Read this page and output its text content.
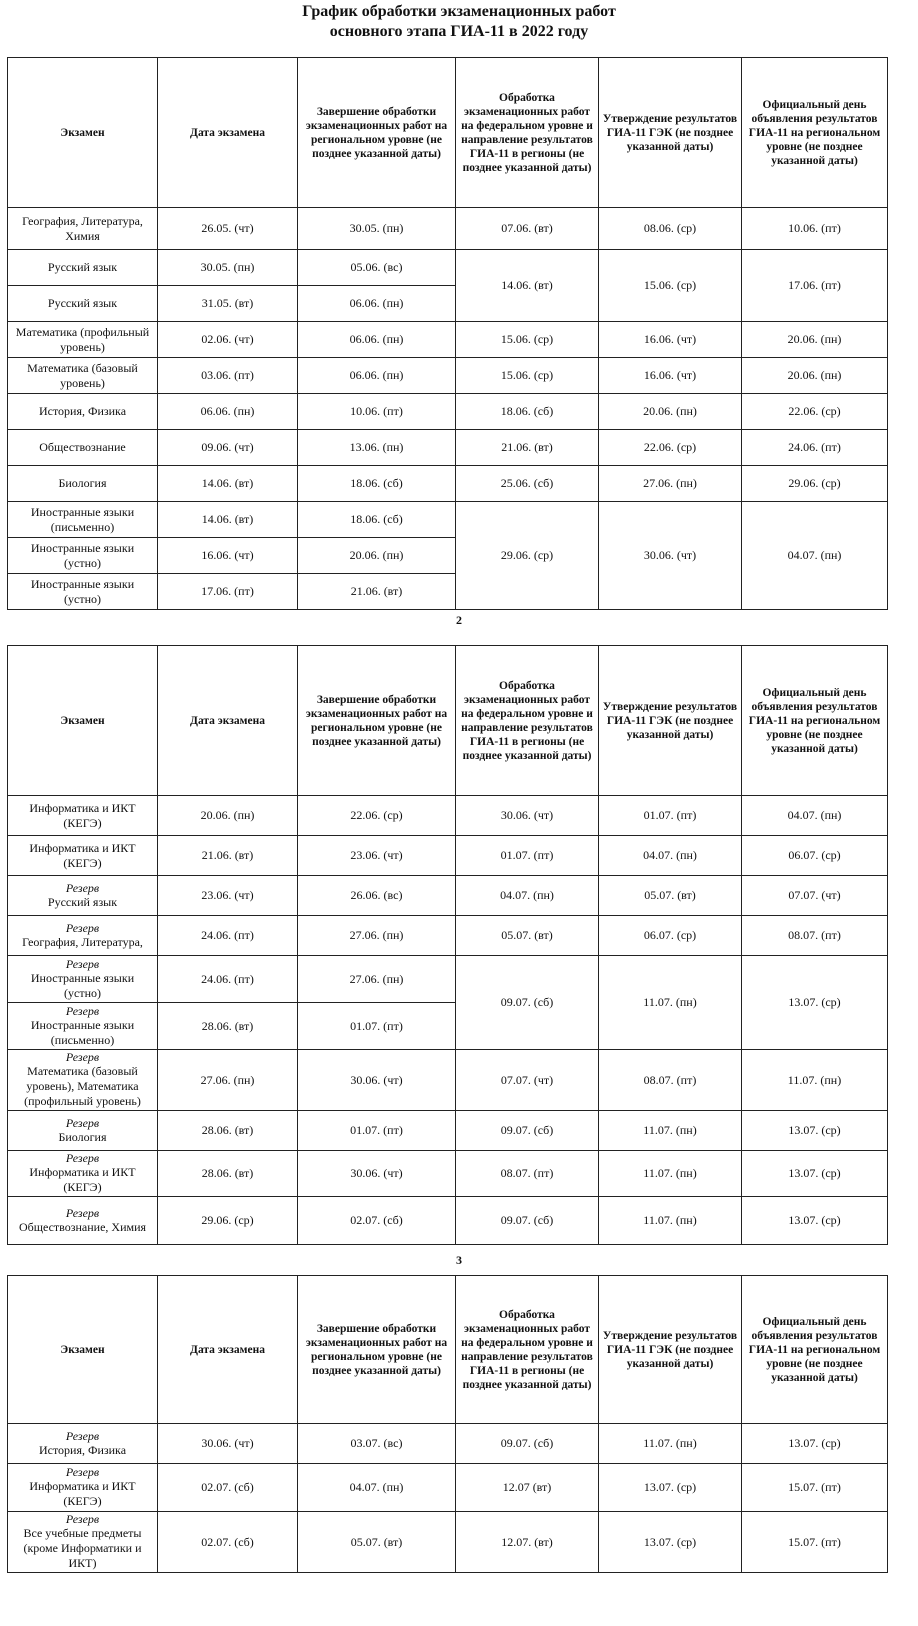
График обработки экзаменационных работ
основного этапа ГИА-11 в 2022 году
Экзамен	Дата экзамена	Завершение обработки экзаменационных работ на региональном уровне (не позднее указанной даты)	Обработка экзаменационных работ на федеральном уровне и направление результатов ГИА-11 в регионы (не позднее указанной даты)	Утверждение результатов ГИА-11 ГЭК (не позднее указанной даты)	Официальный день объявления результатов ГИА-11 на региональном уровне (не позднее указанной даты)
География, Литература, Химия	26.05. (чт)	30.05. (пн)	07.06. (вт)	08.06. (ср)	10.06. (пт)
Русский язык	30.05. (пн)	05.06. (вс)	14.06. (вт)	15.06. (ср)	17.06. (пт)
Русский язык	31.05. (вт)	06.06. (пн)			
Математика (профильный уровень)	02.06. (чт)	06.06. (пн)	15.06. (ср)	16.06. (чт)	20.06. (пн)
Математика (базовый уровень)	03.06. (пт)	06.06. (пн)	15.06. (ср)	16.06. (чт)	20.06. (пн)
История, Физика	06.06. (пн)	10.06. (пт)	18.06. (сб)	20.06. (пн)	22.06. (ср)
Обществознание	09.06. (чт)	13.06. (пн)	21.06. (вт)	22.06. (ср)	24.06. (пт)
Биология	14.06. (вт)	18.06. (сб)	25.06. (сб)	27.06. (пн)	29.06. (ср)
Иностранные языки (письменно)	14.06. (вт)	18.06. (сб)	29.06. (ср)	30.06. (чт)	04.07. (пн)
Иностранные языки (устно)	16.06. (чт)	20.06. (пн)			
Иностранные языки (устно)	17.06. (пт)	21.06. (вт)			
2
Экзамен	Дата экзамена	Завершение обработки экзаменационных работ на региональном уровне (не позднее указанной даты)	Обработка экзаменационных работ на федеральном уровне и направление результатов ГИА-11 в регионы (не позднее указанной даты)	Утверждение результатов ГИА-11 ГЭК (не позднее указанной даты)	Официальный день объявления результатов ГИА-11 на региональном уровне (не позднее указанной даты)
Информатика и ИКТ (КЕГЭ)	20.06. (пн)	22.06. (ср)	30.06. (чт)	01.07. (пт)	04.07. (пн)
Информатика и ИКТ (КЕГЭ)	21.06. (вт)	23.06. (чт)	01.07. (пт)	04.07. (пн)	06.07. (ср)

Резерв
Русский язык	23.06. (чт)	26.06. (вс)	04.07. (пн)	05.07. (вт)	07.07. (чт)

Резерв
География, Литература,	24.06. (пт)	27.06. (пн)	05.07. (вт)	06.07. (ср)	08.07. (пт)

Резерв
Иностранные языки (устно)	24.06. (пт)	27.06. (пн)	09.07. (сб)	11.07. (пн)	13.07. (ср)

Резерв
Иностранные языки (письменно)	28.06. (вт)	01.07. (пт)			

Резерв
Математика (базовый уровень), Математика (профильный уровень)	27.06. (пн)	30.06. (чт)	07.07. (чт)	08.07. (пт)	11.07. (пн)

Резерв
Биология	28.06. (вт)	01.07. (пт)	09.07. (сб)	11.07. (пн)	13.07. (ср)

Резерв
Информатика и ИКТ (КЕГЭ)	28.06. (вт)	30.06. (чт)	08.07. (пт)	11.07. (пн)	13.07. (ср)

Резерв
Обществознание, Химия	29.06. (ср)	02.07. (сб)	09.07. (сб)	11.07. (пн)	13.07. (ср)
3
Экзамен	Дата экзамена	Завершение обработки экзаменационных работ на региональном уровне (не позднее указанной даты)	Обработка экзаменационных работ на федеральном уровне и направление результатов ГИА-11 в регионы (не позднее указанной даты)	Утверждение результатов ГИА-11 ГЭК (не позднее указанной даты)	Официальный день объявления результатов ГИА-11 на региональном уровне (не позднее указанной даты)

Резерв
История, Физика	30.06. (чт)	03.07. (вс)	09.07. (сб)	11.07. (пн)	13.07. (ср)

Резерв
Информатика и ИКТ (КЕГЭ)	02.07. (сб)	04.07. (пн)	12.07 (вт)	13.07. (ср)	15.07. (пт)

Резерв
Все учебные предметы (кроме Информатики и ИКТ)	02.07. (сб)	05.07. (вт)	12.07. (вт)	13.07. (ср)	15.07. (пт)
